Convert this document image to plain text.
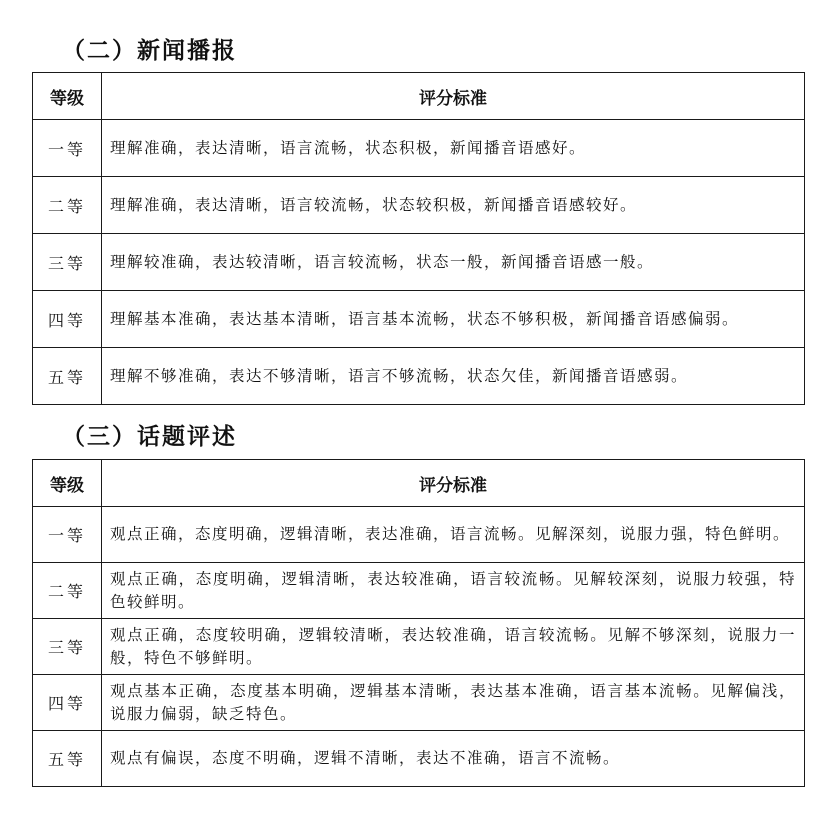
（二）新闻播报
等级	评分标准
一等	理解准确，表达清晰，语言流畅，状态积极，新闻播音语感好。
二等	理解准确，表达清晰，语言较流畅，状态较积极，新闻播音语感较好。
三等	理解较准确，表达较清晰，语言较流畅，状态一般，新闻播音语感一般。
四等	理解基本准确，表达基本清晰，语言基本流畅，状态不够积极，新闻播音语感偏弱。
五等	理解不够准确，表达不够清晰，语言不够流畅，状态欠佳，新闻播音语感弱。
（三）话题评述
等级	评分标准
一等	观点正确，态度明确，逻辑清晰，表达准确，语言流畅。见解深刻，说服力强，特色鲜明。
二等	观点正确，态度明确，逻辑清晰，表达较准确，语言较流畅。见解较深刻，说服力较强，特色较鲜明。
三等	观点正确，态度较明确，逻辑较清晰，表达较准确，语言较流畅。见解不够深刻，说服力一般，特色不够鲜明。
四等	观点基本正确，态度基本明确，逻辑基本清晰，表达基本准确，语言基本流畅。见解偏浅，说服力偏弱，缺乏特色。
五等	观点有偏误，态度不明确，逻辑不清晰，表达不准确，语言不流畅。
